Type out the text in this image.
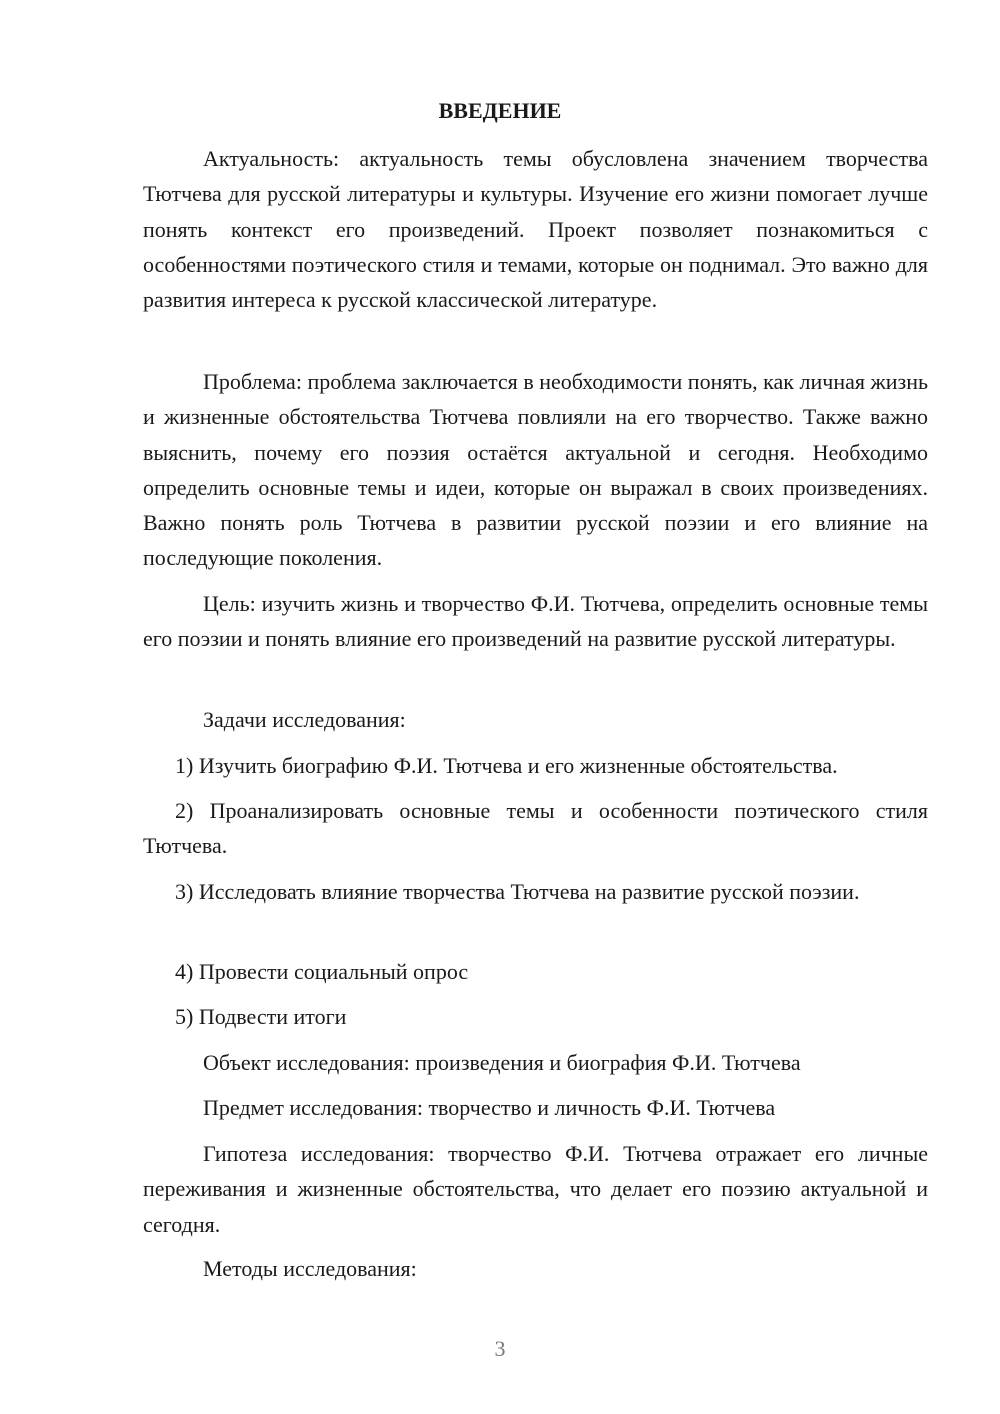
ВВЕДЕНИЕ

Актуальность: актуальность темы обусловлена значением творчества Тютчева для русской литературы и культуры. Изучение его жизни помогает лучше понять контекст его произведений. Проект позволяет познакомиться с особенностями поэтического стиля и темами, которые он поднимал. Это важно для развития интереса к русской классической литературе.

Проблема: проблема заключается в необходимости понять, как личная жизнь и жизненные обстоятельства Тютчева повлияли на его творчество. Также важно выяснить, почему его поэзия остаётся актуальной и сегодня. Необходимо определить основные темы и идеи, которые он выражал в своих произведениях. Важно понять роль Тютчева в развитии русской поэзии и его влияние на последующие поколения.

Цель: изучить жизнь и творчество Ф.И. Тютчева, определить основные темы его поэзии и понять влияние его произведений на развитие русской литературы.

Задачи исследования:

1) Изучить биографию Ф.И. Тютчева и его жизненные обстоятельства.

2) Проанализировать основные темы и особенности поэтического стиля Тютчева.

3) Исследовать влияние творчества Тютчева на развитие русской поэзии.

4) Провести социальный опрос

5) Подвести итоги

Объект исследования: произведения и биография Ф.И. Тютчева

Предмет исследования: творчество и личность Ф.И. Тютчева

Гипотеза исследования: творчество Ф.И. Тютчева отражает его личные переживания и жизненные обстоятельства, что делает его поэзию актуальной и сегодня.

Методы исследования:

3
